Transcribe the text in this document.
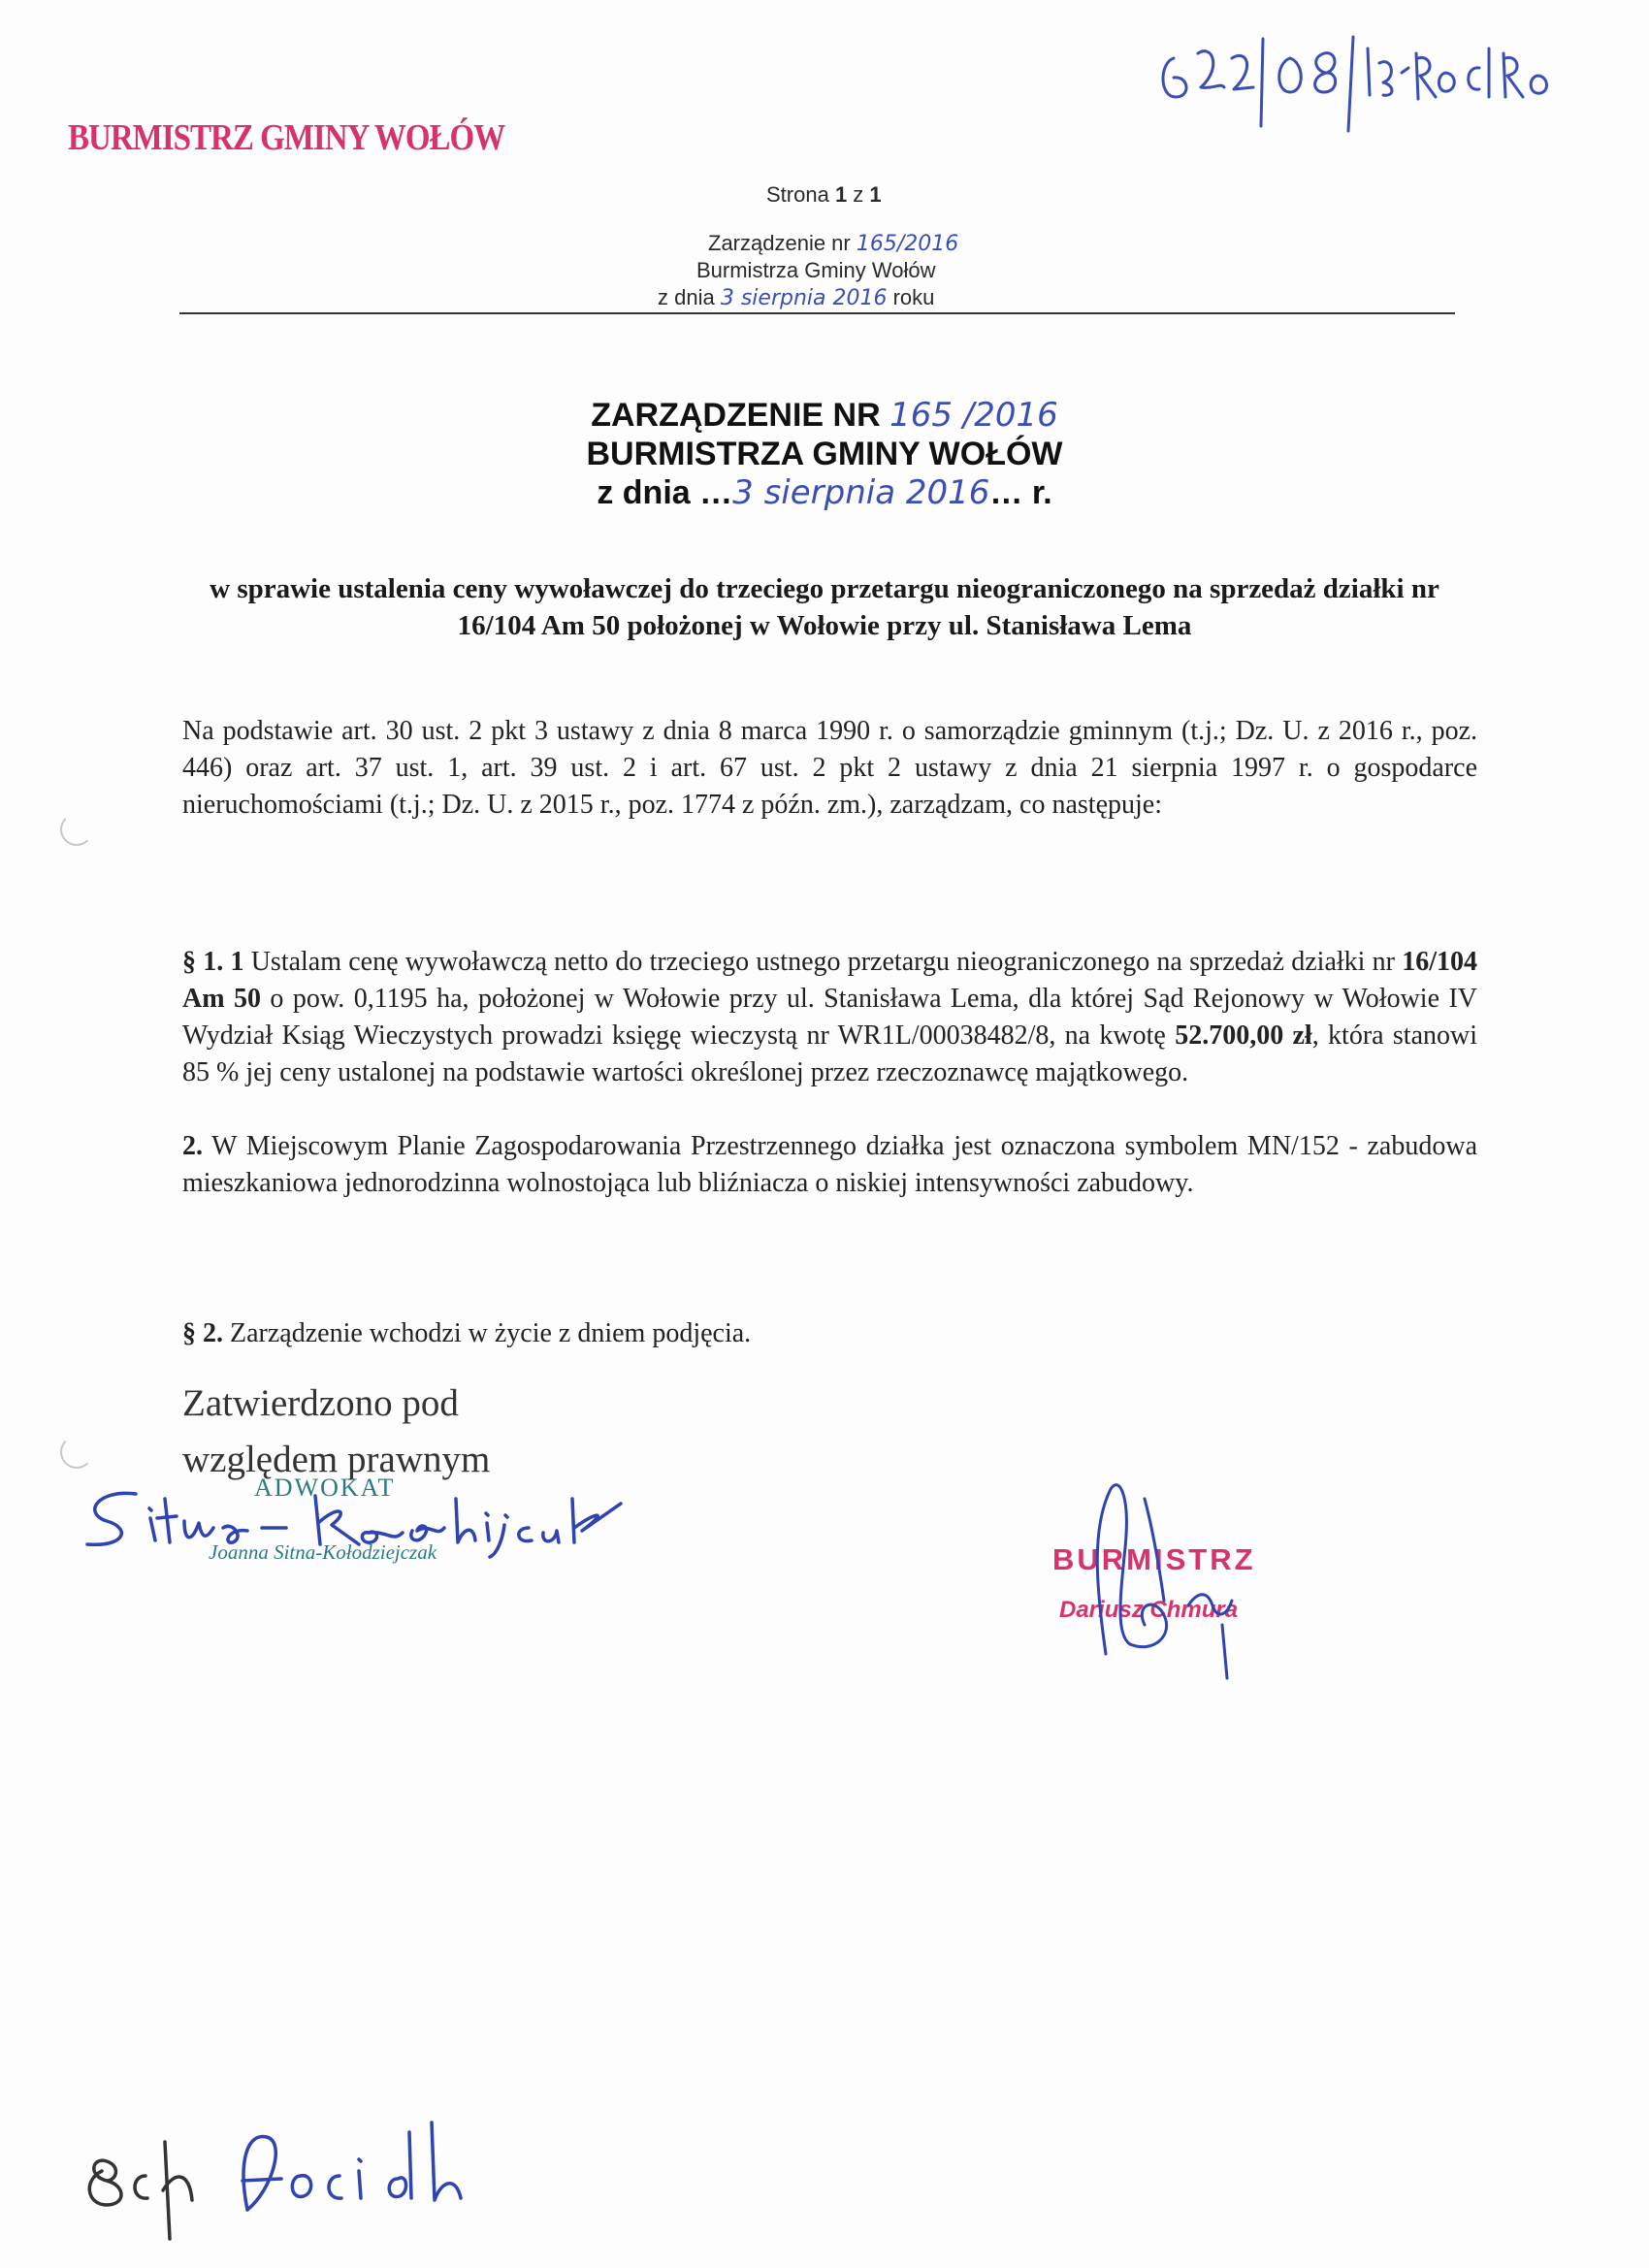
BURMISTRZ GMINY WOŁÓW
Strona 1 z 1
Zarządzenie nr 165/2016
Burmistrza Gminy Wołów
z dnia 3 sierpnia 2016 roku
ZARZĄDZENIE NR 165 /2016
BURMISTRZA GMINY WOŁÓW
z dnia …3 sierpnia 2016… r.
w sprawie ustalenia ceny wywoławczej do trzeciego przetargu nieograniczonego na sprzedaż działki nr 16/104 Am 50 położonej w Wołowie przy ul. Stanisława Lema
Na podstawie art. 30 ust. 2 pkt 3 ustawy z dnia 8 marca 1990 r. o samorządzie gminnym (t.j.; Dz. U. z 2016 r., poz. 446) oraz art. 37 ust. 1, art. 39 ust. 2 i art. 67 ust. 2 pkt 2 ustawy z dnia 21 sierpnia 1997 r. o gospodarce nieruchomościami (t.j.; Dz. U. z 2015 r., poz. 1774 z późn. zm.), zarządzam, co następuje:
§ 1. 1 Ustalam cenę wywoławczą netto do trzeciego ustnego przetargu nieograniczonego na sprzedaż działki nr 16/104 Am 50 o pow. 0,1195 ha, położonej w Wołowie przy ul. Stanisława Lema, dla której Sąd Rejonowy w Wołowie IV Wydział Ksiąg Wieczystych prowadzi księgę wieczystą nr WR1L/00038482/8, na kwotę 52.700,00 zł, która stanowi 85 % jej ceny ustalonej na podstawie wartości określonej przez rzeczoznawcę majątkowego.
2. W Miejscowym Planie Zagospodarowania Przestrzennego działka jest oznaczona symbolem MN/152 - zabudowa mieszkaniowa jednorodzinna wolnostojąca lub bliźniacza o niskiej intensywności zabudowy.
§ 2. Zarządzenie wchodzi w życie z dniem podjęcia.
Zatwierdzono pod
względem prawnym
ADWOKAT
Joanna Sitna-Kołodziejczak	BURMISTRZ
Dariusz Chmura
